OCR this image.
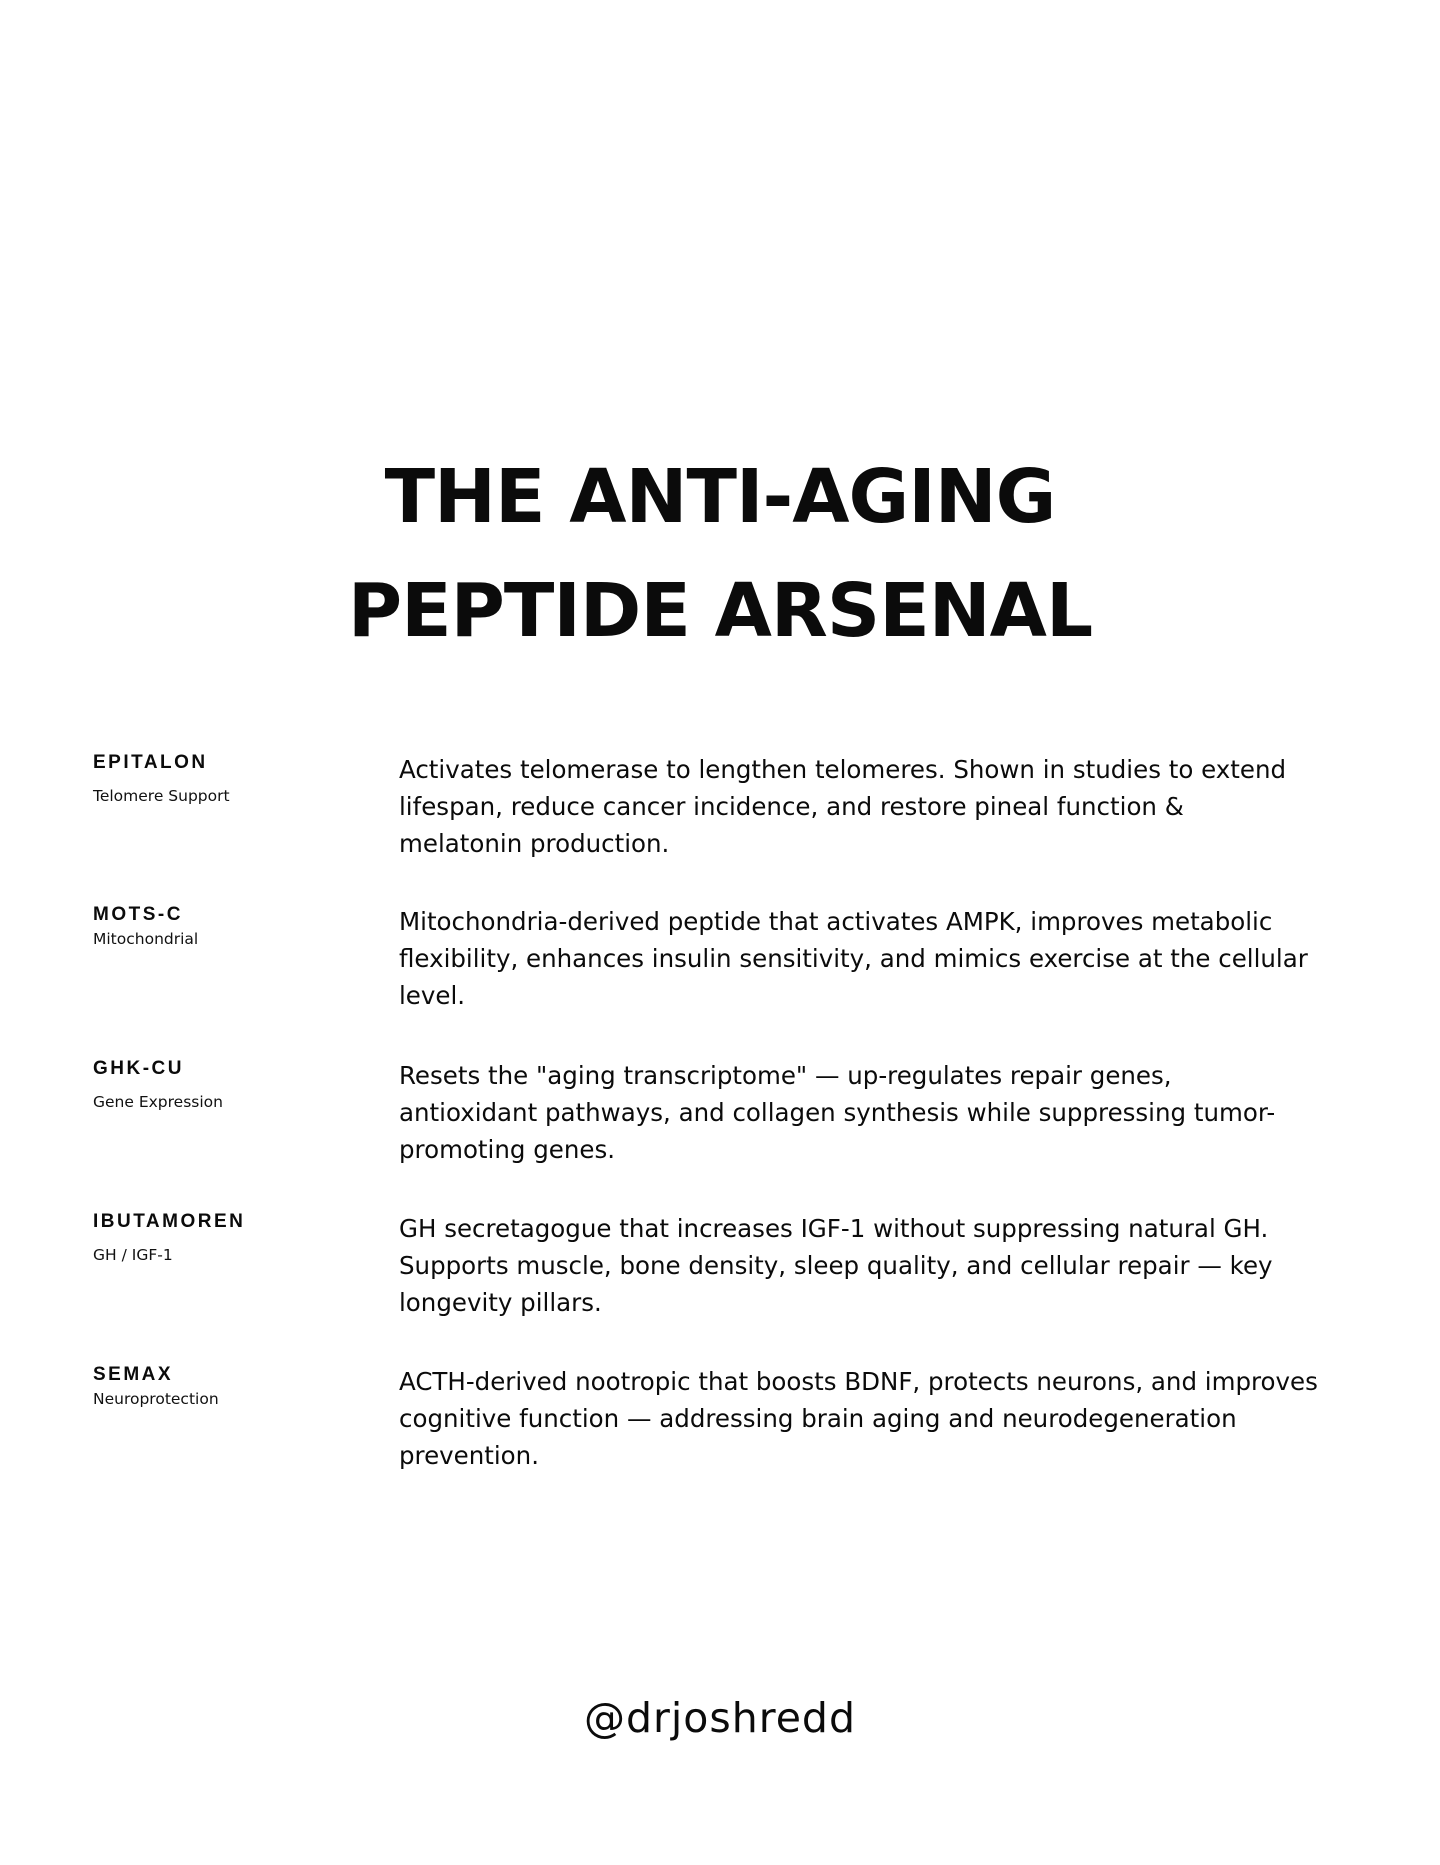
THE ANTI-AGING
PEPTIDE ARSENAL
EPITALON
Telomere Support

Activates telomerase to lengthen telomeres. Shown in studies to extend
lifespan, reduce cancer incidence, and restore pineal function &
melatonin production.

MOTS-C
Mitochondrial

Mitochondria-derived peptide that activates AMPK, improves metabolic
flexibility, enhances insulin sensitivity, and mimics exercise at the cellular
level.

GHK-CU
Gene Expression

Resets the "aging transcriptome" — up-regulates repair genes,
antioxidant pathways, and collagen synthesis while suppressing tumor-
promoting genes.

IBUTAMOREN
GH / IGF-1

GH secretagogue that increases IGF-1 without suppressing natural GH.
Supports muscle, bone density, sleep quality, and cellular repair — key
longevity pillars.

SEMAX
Neuroprotection

ACTH-derived nootropic that boosts BDNF, protects neurons, and improves
cognitive function — addressing brain aging and neurodegeneration
prevention.

@drjoshredd
